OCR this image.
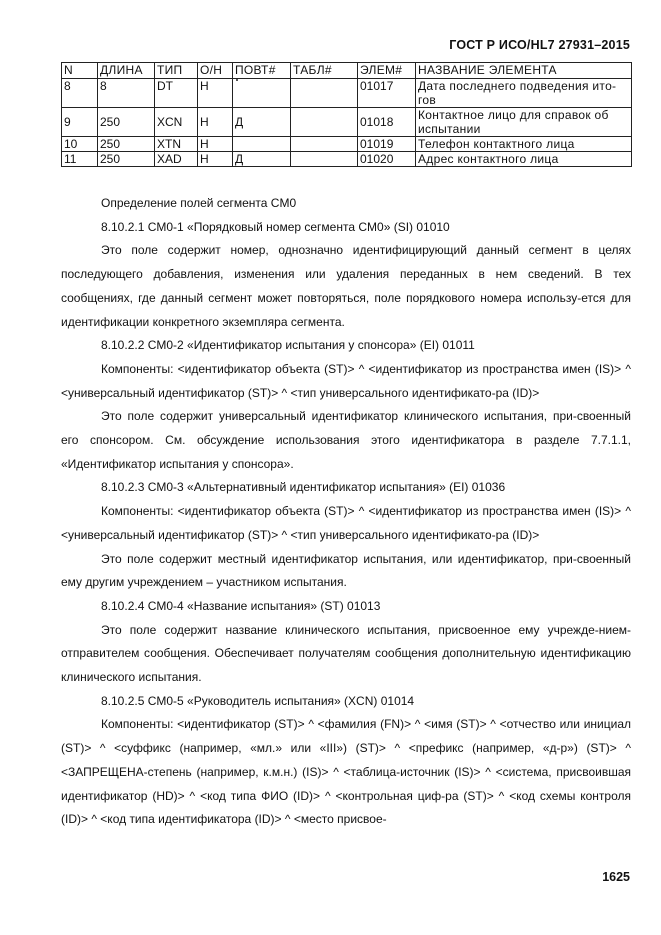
ГОСТ Р ИСО/HL7 27931–2015
N	ДЛИНА	ТИП	О/Н	ПОВТ#	ТАБЛ#	ЭЛЕМ#	НАЗВАНИЕ ЭЛЕМЕНТА
8	8	DT	Н			01017	Дата последнего подведения ито-гов
9	250	XCN	Н	Д		01018	Контактное лицо для справок об испытании
10	250	XTN	Н			01019	Телефон контактного лица
11	250	XAD	Н	Д		01020	Адрес контактного лица

Определение полей сегмента CM0

8.10.2.1 CM0-1 «Порядковый номер сегмента CM0» (SI) 01010

Это поле содержит номер, однозначно идентифицирующий данный сегмент в целях последующего добавления, изменения или удаления переданных в нем сведений. В тех сообщениях, где данный сегмент может повторяться, поле порядкового номера использу-ется для идентификации конкретного экземпляра сегмента.

8.10.2.2 CM0-2 «Идентификатор испытания у спонсора» (EI) 01011

Компоненты: <идентификатор объекта (ST)> ^ <идентификатор из пространства имен (IS)> ^ <универсальный идентификатор (ST)> ^ <тип универсального идентификато-ра (ID)>

Это поле содержит универсальный идентификатор клинического испытания, при-своенный его спонсором. См. обсуждение использования этого идентификатора в разделе 7.7.1.1, «Идентификатор испытания у спонсора».

8.10.2.3 CM0-3 «Альтернативный идентификатор испытания» (EI) 01036

Компоненты: <идентификатор объекта (ST)> ^ <идентификатор из пространства имен (IS)> ^ <универсальный идентификатор (ST)> ^ <тип универсального идентификато-ра (ID)>

Это поле содержит местный идентификатор испытания, или идентификатор, при-своенный ему другим учреждением – участником испытания.

8.10.2.4 CM0-4 «Название испытания» (ST) 01013

Это поле содержит название клинического испытания, присвоенное ему учрежде-нием-отправителем сообщения. Обеспечивает получателям сообщения дополнительную идентификацию клинического испытания.

8.10.2.5 CM0-5 «Руководитель испытания» (XCN) 01014

Компоненты: <идентификатор (ST)> ^ <фамилия (FN)> ^ <имя (ST)> ^ <отчество или инициал (ST)> ^ <суффикс (например, «мл.» или «III») (ST)> ^ <префикс (например, «д-р») (ST)> ^ <ЗАПРЕЩЕНА-степень (например, к.м.н.) (IS)> ^ <таблица-источник (IS)> ^ <система, присвоившая идентификатор (HD)> ^ <код типа ФИО (ID)> ^ <контрольная циф-ра (ST)> ^ <код схемы контроля (ID)> ^ <код типа идентификатора (ID)> ^ <место присвое-

1625
